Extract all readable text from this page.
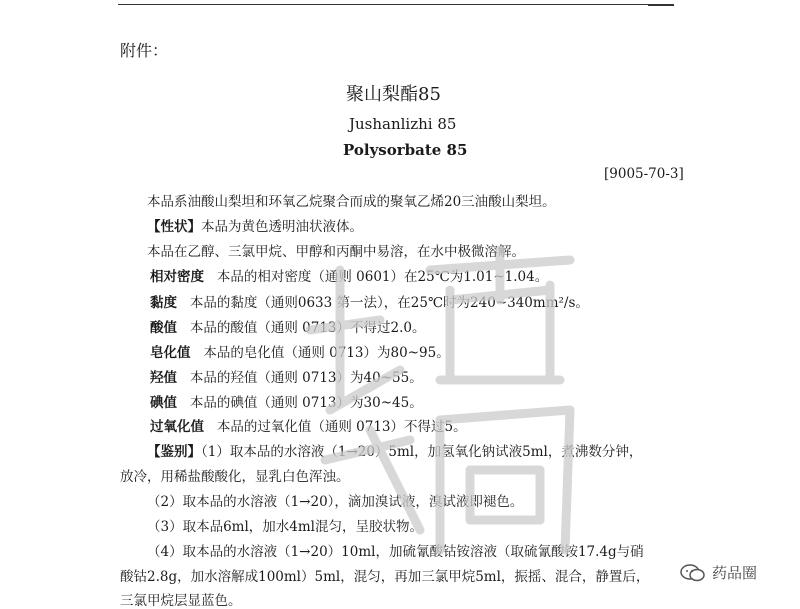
附件：
聚山梨酯85
Jushanlizhi 85
Polysorbate 85
[9005-70-3]
本品系油酸山梨坦和环氧乙烷聚合而成的聚氧乙烯20三油酸山梨坦。
【性状】本品为黄色透明油状液体。
本品在乙醇、三氯甲烷、甲醇和丙酮中易溶，在水中极微溶解。
相对密度 本品的相对密度（通则 0601）在25℃为1.01~1.04。
黏度 本品的黏度（通则0633 第一法），在25℃时为240~340mm²/s。
酸值 本品的酸值（通则 0713）不得过2.0。
皂化值 本品的皂化值（通则 0713）为80~95。
羟值 本品的羟值（通则 0713）为40~55。
碘值 本品的碘值（通则 0713）为30~45。
过氧化值 本品的过氧化值（通则 0713）不得过5。
【鉴别】（1）取本品的水溶液（1→20）5ml，加氢氧化钠试液5ml，煮沸数分钟，
放冷，用稀盐酸酸化，显乳白色浑浊。
（2）取本品的水溶液（1→20），滴加溴试液，溴试液即褪色。
（3）取本品6ml，加水4ml混匀，呈胶状物。
（4）取本品的水溶液（1→20）10ml，加硫氰酸钴铵溶液（取硫氰酸铵17.4g与硝
酸钴2.8g，加水溶解成100ml）5ml，混匀，再加三氯甲烷5ml，振摇、混合，静置后，
三氯甲烷层显蓝色。
稿
药品圈
